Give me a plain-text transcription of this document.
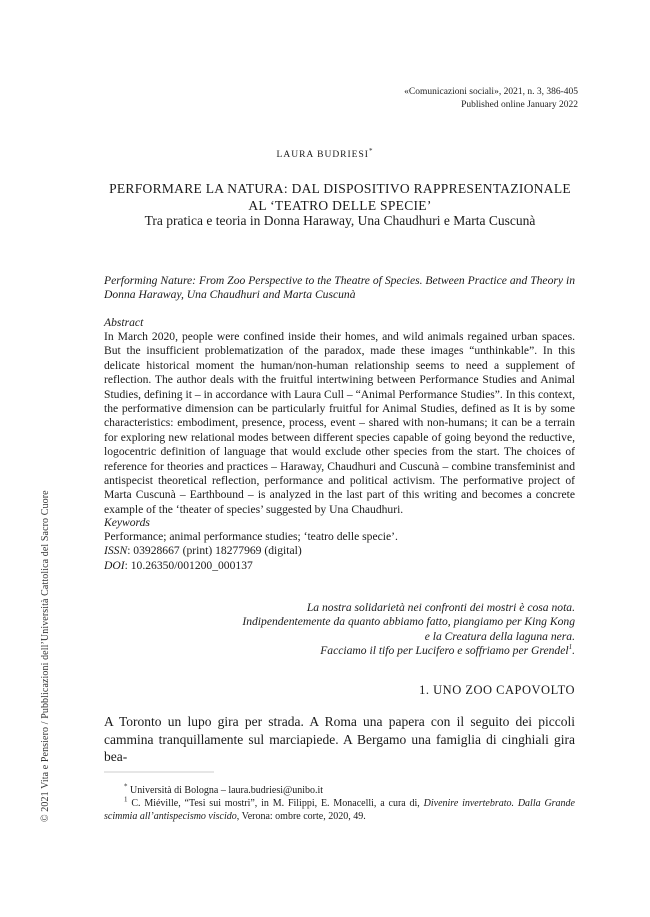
© 2021 Vita e Pensiero / Pubblicazioni dell’Università Cattolica del Sacro Cuore
«Comunicazioni sociali», 2021, n. 3, 386-405
Published online January 2022
LAURA BUDRIESI*
PERFORMARE LA NATURA: DAL DISPOSITIVO RAPPRESENTAZIONALE
AL ‘TEATRO DELLE SPECIE’
Tra pratica e teoria in Donna Haraway, Una Chaudhuri e Marta Cuscunà
Performing Nature: From Zoo Perspective to the Theatre of Species. Between Practice and Theory in Donna Haraway, Una Chaudhuri and Marta Cuscunà
Abstract
In March 2020, people were confined inside their homes, and wild animals regained urban spaces. But the insufficient problematization of the paradox, made these images “unthinkable”. In this delicate historical moment the human/non-human relationship seems to need a supplement of reflection. The author deals with the fruitful intertwining between Performance Studies and Animal Studies, defining it – in accordance with Laura Cull – “Animal Performance Studies”. In this context, the performative dimension can be particularly fruitful for Animal Studies, defined as It is by some characteristics: embodiment, presence, process, event – shared with non-humans; it can be a terrain for exploring new relational modes between different species capable of going beyond the reductive, logocentric definition of language that would exclude other species from the start. The choices of reference for theories and practices – Haraway, Chaudhuri and Cuscunà – combine transfeminist and antispecist theoretical reflection, performance and political activism. The performative project of Marta Cuscunà – Earthbound – is analyzed in the last part of this writing and becomes a concrete example of the ‘theater of species’ suggested by Una Chaudhuri.
Keywords
Performance; animal performance studies; ‘teatro delle specie’.
ISSN: 03928667 (print) 18277969 (digital)
DOI: 10.26350/001200_000137
La nostra solidarietà nei confronti dei mostri è cosa nota.
Indipendentemente da quanto abbiamo fatto, piangiamo per King Kong
e la Creatura della laguna nera.
Facciamo il tifo per Lucifero e soffriamo per Grendel$^1$.
1. UNO ZOO CAPOVOLTO
A Toronto un lupo gira per strada. A Roma una papera con il seguito dei piccoli cammina tranquillamente sul marciapiede. A Bergamo una famiglia di cinghiali gira bea-
* Università di Bologna – laura.budriesi@unibo.it
$^1$ C. Miéville, “Tesi sui mostri”, in M. Filippi, E. Monacelli, a cura di, Divenire invertebrato. Dalla Grande scimmia all’antispecismo viscido, Verona: ombre corte, 2020, 49.
